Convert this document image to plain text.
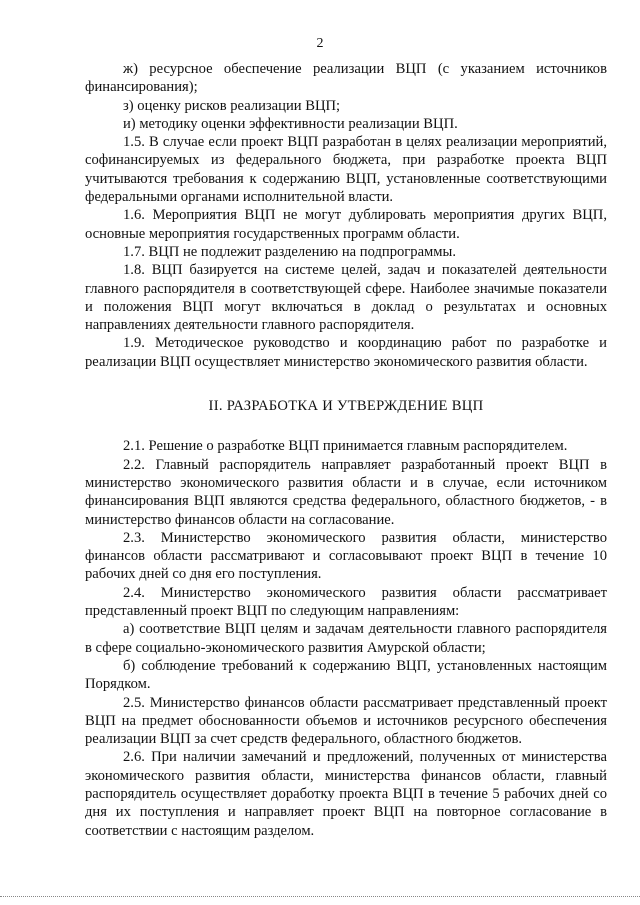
2

ж) ресурсное обеспечение реализации ВЦП (с указанием источников финансирования);

з) оценку рисков реализации ВЦП;

и) методику оценки эффективности реализации ВЦП.

1.5. В случае если проект ВЦП разработан в целях реализации мероприятий, софинансируемых из федерального бюджета, при разработке проекта ВЦП учитываются требования к содержанию ВЦП, установленные соответствующими федеральными органами исполнительной власти.

1.6. Мероприятия ВЦП не могут дублировать мероприятия других ВЦП, основные мероприятия государственных программ области.

1.7. ВЦП не подлежит разделению на подпрограммы.

1.8. ВЦП базируется на системе целей, задач и показателей деятельности главного распорядителя в соответствующей сфере. Наиболее значимые показатели и положения ВЦП могут включаться в доклад о результатах и основных направлениях деятельности главного распорядителя.

1.9. Методическое руководство и координацию работ по разработке и реализации ВЦП осуществляет министерство экономического развития области.

II. РАЗРАБОТКА И УТВЕРЖДЕНИЕ ВЦП

2.1. Решение о разработке ВЦП принимается главным распорядителем.

2.2. Главный распорядитель направляет разработанный проект ВЦП в министерство экономического развития области и в случае, если источником финансирования ВЦП являются средства федерального, областного бюджетов, - в министерство финансов области на согласование.

2.3. Министерство экономического развития области, министерство финансов области рассматривают и согласовывают проект ВЦП в течение 10 рабочих дней со дня его поступления.

2.4. Министерство экономического развития области рассматривает представленный проект ВЦП по следующим направлениям:

а) соответствие ВЦП целям и задачам деятельности главного распорядителя в сфере социально-экономического развития Амурской области;

б) соблюдение требований к содержанию ВЦП, установленных настоящим Порядком.

2.5. Министерство финансов области рассматривает представленный проект ВЦП на предмет обоснованности объемов и источников ресурсного обеспечения реализации ВЦП за счет средств федерального, областного бюджетов.

2.6. При наличии замечаний и предложений, полученных от министерства экономического развития области, министерства финансов области, главный распорядитель осуществляет доработку проекта ВЦП в течение 5 рабочих дней со дня их поступления и направляет проект ВЦП на повторное согласование в соответствии с настоящим разделом.
